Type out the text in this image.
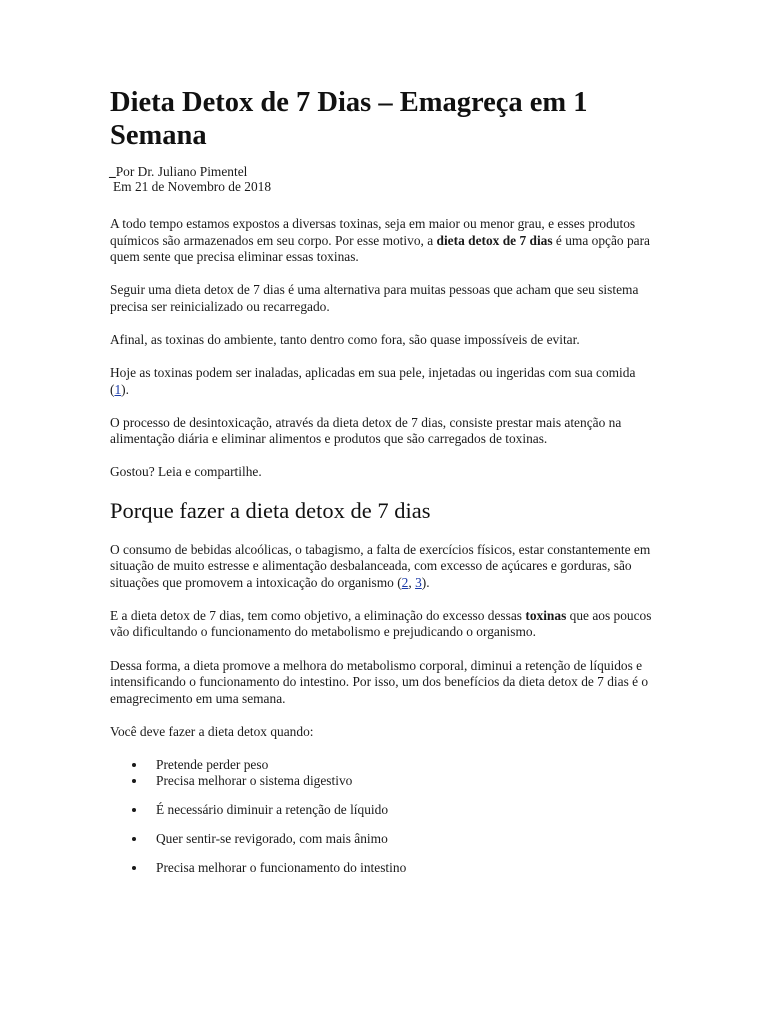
Dieta Detox de 7 Dias – Emagreça em 1 Semana
_Por Dr. Juliano Pimentel
Em 21 de Novembro de 2018

A todo tempo estamos expostos a diversas toxinas, seja em maior ou menor grau, e esses produtos químicos são armazenados em seu corpo. Por esse motivo, a dieta detox de 7 dias é uma opção para quem sente que precisa eliminar essas toxinas.

Seguir uma dieta detox de 7 dias é uma alternativa para muitas pessoas que acham que seu sistema precisa ser reinicializado ou recarregado.

Afinal, as toxinas do ambiente, tanto dentro como fora, são quase impossíveis de evitar.

Hoje as toxinas podem ser inaladas, aplicadas em sua pele, injetadas ou ingeridas com sua comida (1).

O processo de desintoxicação, através da dieta detox de 7 dias, consiste prestar mais atenção na alimentação diária e eliminar alimentos e produtos que são carregados de toxinas.

Gostou? Leia e compartilhe.

Porque fazer a dieta detox de 7 dias

O consumo de bebidas alcoólicas, o tabagismo, a falta de exercícios físicos, estar constantemente em situação de muito estresse e alimentação desbalanceada, com excesso de açúcares e gorduras, são situações que promovem a intoxicação do organismo (2, 3).

E a dieta detox de 7 dias, tem como objetivo, a eliminação do excesso dessas toxinas que aos poucos vão dificultando o funcionamento do metabolismo e prejudicando o organismo.

Dessa forma, a dieta promove a melhora do metabolismo corporal, diminui a retenção de líquidos e intensificando o funcionamento do intestino. Por isso, um dos benefícios da dieta detox de 7 dias é o emagrecimento em uma semana.

Você deve fazer a dieta detox quando:

Pretende perder peso
Precisa melhorar o sistema digestivo
É necessário diminuir a retenção de líquido
Quer sentir-se revigorado, com mais ânimo
Precisa melhorar o funcionamento do intestino
